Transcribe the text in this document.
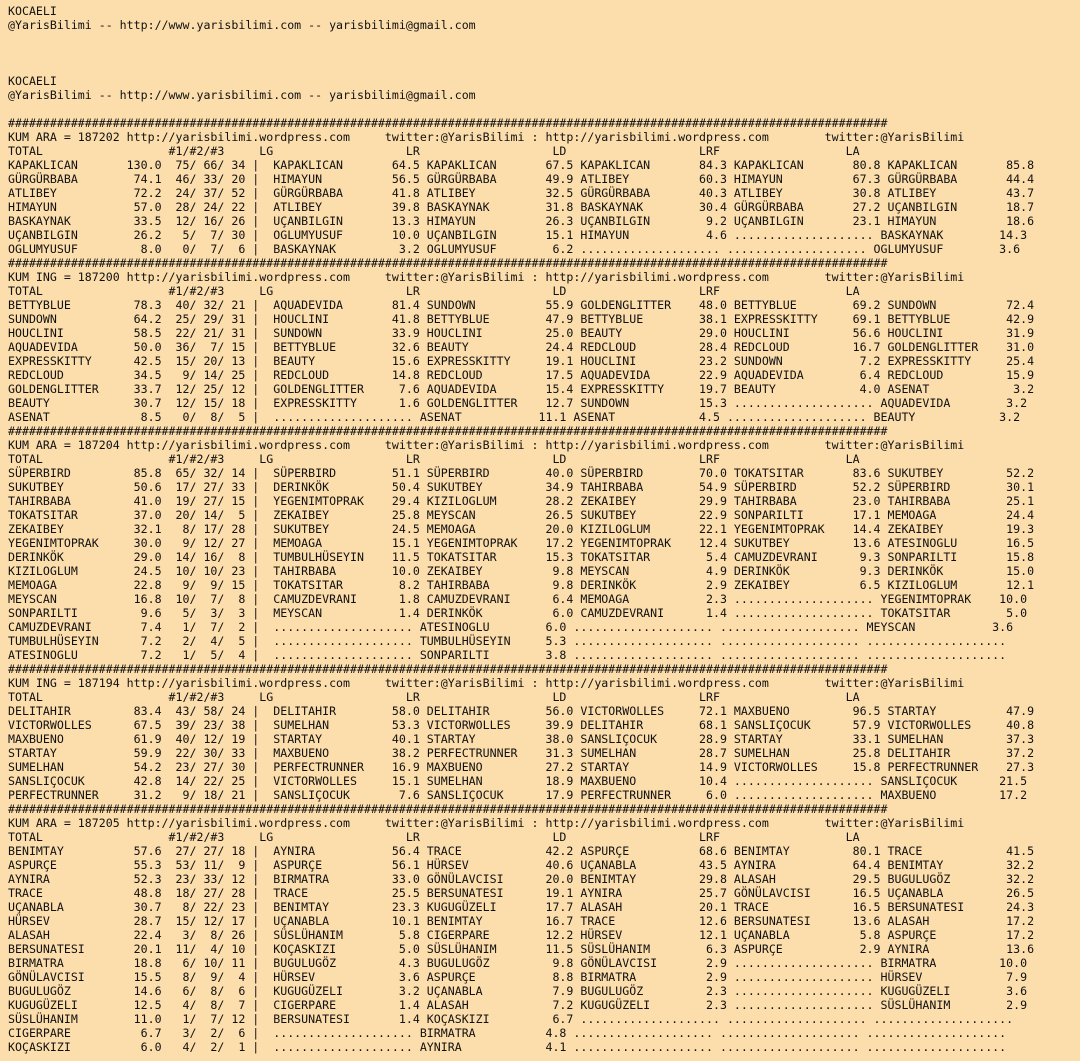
KOCAELI
@YarisBilimi -- http://www.yarisbilimi.com -- yarisbilimi@gmail.com
KOCAELI
@YarisBilimi -- http://www.yarisbilimi.com -- yarisbilimi@gmail.com
##############################################################################################################################
KUM ARA = 187202 http://yarisbilimi.wordpress.com     twitter:@YarisBilimi : http://yarisbilimi.wordpress.com        twitter:@YarisBilimi
TOTAL                  #1/#2/#3     LG                   LR                   LD                   LRF                  LA
KAPAKLICAN       130.0  75/ 66/ 34 |  KAPAKLICAN       64.5 KAPAKLICAN       67.5 KAPAKLICAN       84.3 KAPAKLICAN       80.8 KAPAKLICAN       85.8
GÜRGÜRBABA        74.1  46/ 33/ 20 |  HIMAYUN          56.5 GÜRGÜRBABA       49.9 ATLIBEY          60.3 HIMAYUN          67.3 GÜRGÜRBABA       44.4
ATLIBEY           72.2  24/ 37/ 52 |  GÜRGÜRBABA       41.8 ATLIBEY          32.5 GÜRGÜRBABA       40.3 ATLIBEY          30.8 ATLIBEY          43.7
HIMAYUN           57.0  28/ 24/ 22 |  ATLIBEY          39.8 BASKAYNAK        31.8 BASKAYNAK        30.4 GÜRGÜRBABA       27.2 UÇANBILGIN       18.7
BASKAYNAK         33.5  12/ 16/ 26 |  UÇANBILGIN       13.3 HIMAYUN          26.3 UÇANBILGIN        9.2 UÇANBILGIN       23.1 HIMAYUN          18.6
UÇANBILGIN        26.2   5/  7/ 30 |  OGLUMYUSUF       10.0 UÇANBILGIN       15.1 HIMAYUN           4.6 .................... BASKAYNAK        14.3
OGLUMYUSUF         8.0   0/  7/  6 |  BASKAYNAK         3.2 OGLUMYUSUF        6.2 .................... .................... OGLUMYUSUF        3.6
##############################################################################################################################
KUM ING = 187200 http://yarisbilimi.wordpress.com     twitter:@YarisBilimi : http://yarisbilimi.wordpress.com        twitter:@YarisBilimi
TOTAL                  #1/#2/#3     LG                   LR                   LD                   LRF                  LA
BETTYBLUE         78.3  40/ 32/ 21 |  AQUADEVIDA       81.4 SUNDOWN          55.9 GOLDENGLITTER    48.0 BETTYBLUE        69.2 SUNDOWN          72.4
SUNDOWN           64.2  25/ 29/ 31 |  HOUCLINI         41.8 BETTYBLUE        47.9 BETTYBLUE        38.1 EXPRESSKITTY     69.1 BETTYBLUE        42.9
HOUCLINI          58.5  22/ 21/ 31 |  SUNDOWN          33.9 HOUCLINI         25.0 BEAUTY           29.0 HOUCLINI         56.6 HOUCLINI         31.9
AQUADEVIDA        50.0  36/  7/ 15 |  BETTYBLUE        32.6 BEAUTY           24.4 REDCLOUD         28.4 REDCLOUD         16.7 GOLDENGLITTER    31.0
EXPRESSKITTY      42.5  15/ 20/ 13 |  BEAUTY           15.6 EXPRESSKITTY     19.1 HOUCLINI         23.2 SUNDOWN           7.2 EXPRESSKITTY     25.4
REDCLOUD          34.5   9/ 14/ 25 |  REDCLOUD         14.8 REDCLOUD         17.5 AQUADEVIDA       22.9 AQUADEVIDA        6.4 REDCLOUD         15.9
GOLDENGLITTER     33.7  12/ 25/ 12 |  GOLDENGLITTER     7.6 AQUADEVIDA       15.4 EXPRESSKITTY     19.7 BEAUTY            4.0 ASENAT            3.2
BEAUTY            30.7  12/ 15/ 18 |  EXPRESSKITTY      1.6 GOLDENGLITTER    12.7 SUNDOWN          15.3 .................... AQUADEVIDA        3.2
ASENAT             8.5   0/  8/  5 |  .................... ASENAT           11.1 ASENAT            4.5 .................... BEAUTY            3.2
##############################################################################################################################
KUM ARA = 187204 http://yarisbilimi.wordpress.com     twitter:@YarisBilimi : http://yarisbilimi.wordpress.com        twitter:@YarisBilimi
TOTAL                  #1/#2/#3     LG                   LR                   LD                   LRF                  LA
SÜPERBIRD         85.8  65/ 32/ 14 |  SÜPERBIRD        51.1 SÜPERBIRD        40.0 SÜPERBIRD        70.0 TOKATSITAR       83.6 SUKUTBEY         52.2
SUKUTBEY          50.6  17/ 27/ 33 |  DERINKÖK         50.4 SUKUTBEY         34.9 TAHIRBABA        54.9 SÜPERBIRD        52.2 SÜPERBIRD        30.1
TAHIRBABA         41.0  19/ 27/ 15 |  YEGENIMTOPRAK    29.4 KIZILOGLUM       28.2 ZEKAIBEY         29.9 TAHIRBABA        23.0 TAHIRBABA        25.1
TOKATSITAR        37.0  20/ 14/  5 |  ZEKAIBEY         25.8 MEYSCAN          26.5 SUKUTBEY         22.9 SONPARILTI       17.1 MEMOAGA          24.4
ZEKAIBEY          32.1   8/ 17/ 28 |  SUKUTBEY         24.5 MEMOAGA          20.0 KIZILOGLUM       22.1 YEGENIMTOPRAK    14.4 ZEKAIBEY         19.3
YEGENIMTOPRAK     30.0   9/ 12/ 27 |  MEMOAGA          15.1 YEGENIMTOPRAK    17.2 YEGENIMTOPRAK    12.4 SUKUTBEY         13.6 ATESINOGLU       16.5
DERINKÖK          29.0  14/ 16/  8 |  TUMBULHÜSEYIN    11.5 TOKATSITAR       15.3 TOKATSITAR        5.4 CAMUZDEVRANI      9.3 SONPARILTI       15.8
KIZILOGLUM        24.5  10/ 10/ 23 |  TAHIRBABA        10.0 ZEKAIBEY          9.8 MEYSCAN           4.9 DERINKÖK          9.3 DERINKÖK         15.0
MEMOAGA           22.8   9/  9/ 15 |  TOKATSITAR        8.2 TAHIRBABA         9.8 DERINKÖK          2.9 ZEKAIBEY          6.5 KIZILOGLUM       12.1
MEYSCAN           16.8  10/  7/  8 |  CAMUZDEVRANI      1.8 CAMUZDEVRANI      6.4 MEMOAGA           2.3 .................... YEGENIMTOPRAK    10.0
SONPARILTI         9.6   5/  3/  3 |  MEYSCAN           1.4 DERINKÖK          6.0 CAMUZDEVRANI      1.4 .................... TOKATSITAR        5.0
CAMUZDEVRANI       7.4   1/  7/  2 |  .................... ATESINOGLU        6.0 .................... .................... MEYSCAN           3.6
TUMBULHÜSEYIN      7.2   2/  4/  5 |  .................... TUMBULHÜSEYIN     5.3 .................... .................... ....................
ATESINOGLU         7.2   1/  5/  4 |  .................... SONPARILTI        3.8 .................... .................... ....................
##############################################################################################################################
KUM ING = 187194 http://yarisbilimi.wordpress.com     twitter:@YarisBilimi : http://yarisbilimi.wordpress.com        twitter:@YarisBilimi
TOTAL                  #1/#2/#3     LG                   LR                   LD                   LRF                  LA
DELITAHIR         83.4  43/ 58/ 24 |  DELITAHIR        58.0 DELITAHIR        56.0 VICTORWOLLES     72.1 MAXBUENO         96.5 STARTAY          47.9
VICTORWOLLES      67.5  39/ 23/ 38 |  SUMELHAN         53.3 VICTORWOLLES     39.9 DELITAHIR        68.1 SANSLIÇOCUK      57.9 VICTORWOLLES     40.8
MAXBUENO          61.9  40/ 12/ 19 |  STARTAY          40.1 STARTAY          38.0 SANSLIÇOCUK      28.9 STARTAY          33.1 SUMELHAN         37.3
STARTAY           59.9  22/ 30/ 33 |  MAXBUENO         38.2 PERFECTRUNNER    31.3 SUMELHAN         28.7 SUMELHAN         25.8 DELITAHIR        37.2
SUMELHAN          54.2  23/ 27/ 30 |  PERFECTRUNNER    16.9 MAXBUENO         27.2 STARTAY          14.9 VICTORWOLLES     15.8 PERFECTRUNNER    27.3
SANSLIÇOCUK       42.8  14/ 22/ 25 |  VICTORWOLLES     15.1 SUMELHAN         18.9 MAXBUENO         10.4 .................... SANSLIÇOCUK      21.5
PERFECTRUNNER     31.2   9/ 18/ 21 |  SANSLIÇOCUK       7.6 SANSLIÇOCUK      17.9 PERFECTRUNNER     6.0 .................... MAXBUENO         17.2
##############################################################################################################################
KUM ARA = 187205 http://yarisbilimi.wordpress.com     twitter:@YarisBilimi : http://yarisbilimi.wordpress.com        twitter:@YarisBilimi
TOTAL                  #1/#2/#3     LG                   LR                   LD                   LRF                  LA
BENIMTAY          57.6  27/ 27/ 18 |  AYNIRA           56.4 TRACE            42.2 ASPURÇE          68.6 BENIMTAY         80.1 TRACE            41.5
ASPURÇE           55.3  53/ 11/  9 |  ASPURÇE          56.1 HÜRSEV           40.6 UÇANABLA         43.5 AYNIRA           64.4 BENIMTAY         32.2
AYNIRA            52.3  23/ 33/ 12 |  BIRMATRA         33.0 GÖNÜLAVCISI      20.0 BENIMTAY         29.8 ALASAH           29.5 BUGULUGÖZ        32.2
TRACE             48.8  18/ 27/ 28 |  TRACE            25.5 BERSUNATESI      19.1 AYNIRA           25.7 GÖNÜLAVCISI      16.5 UÇANABLA         26.5
UÇANABLA          30.7   8/ 22/ 23 |  BENIMTAY         23.3 KUGUGÜZELI       17.7 ALASAH           20.1 TRACE            16.5 BERSUNATESI      24.3
HÜRSEV            28.7  15/ 12/ 17 |  UÇANABLA         10.1 BENIMTAY         16.7 TRACE            12.6 BERSUNATESI      13.6 ALASAH           17.2
ALASAH            22.4   3/  8/ 26 |  SÜSLÜHANIM        5.8 CIGERPARE        12.2 HÜRSEV           12.1 UÇANABLA          5.8 ASPURÇE          17.2
BERSUNATESI       20.1  11/  4/ 10 |  KOÇASKIZI         5.0 SÜSLÜHANIM       11.5 SÜSLÜHANIM        6.3 ASPURÇE           2.9 AYNIRA           13.6
BIRMATRA          18.8   6/ 10/ 11 |  BUGULUGÖZ         4.3 BUGULUGÖZ         9.8 GÖNÜLAVCISI       2.9 .................... BIRMATRA         10.0
GÖNÜLAVCISI       15.5   8/  9/  4 |  HÜRSEV            3.6 ASPURÇE           8.8 BIRMATRA          2.9 .................... HÜRSEV            7.9
BUGULUGÖZ         14.6   6/  8/  6 |  KUGUGÜZELI        3.2 UÇANABLA          7.9 BUGULUGÖZ         2.3 .................... KUGUGÜZELI        3.6
KUGUGÜZELI        12.5   4/  8/  7 |  CIGERPARE         1.4 ALASAH            7.2 KUGUGÜZELI        2.3 .................... SÜSLÜHANIM        2.9
SÜSLÜHANIM        11.0   1/  7/ 12 |  BERSUNATESI       1.4 KOÇASKIZI         6.7 .................... .................... ....................
CIGERPARE          6.7   3/  2/  6 |  .................... BIRMATRA          4.8 .................... .................... ....................
KOÇASKIZI          6.0   4/  2/  1 |  .................... AYNIRA            4.1 .................... .................... ....................
